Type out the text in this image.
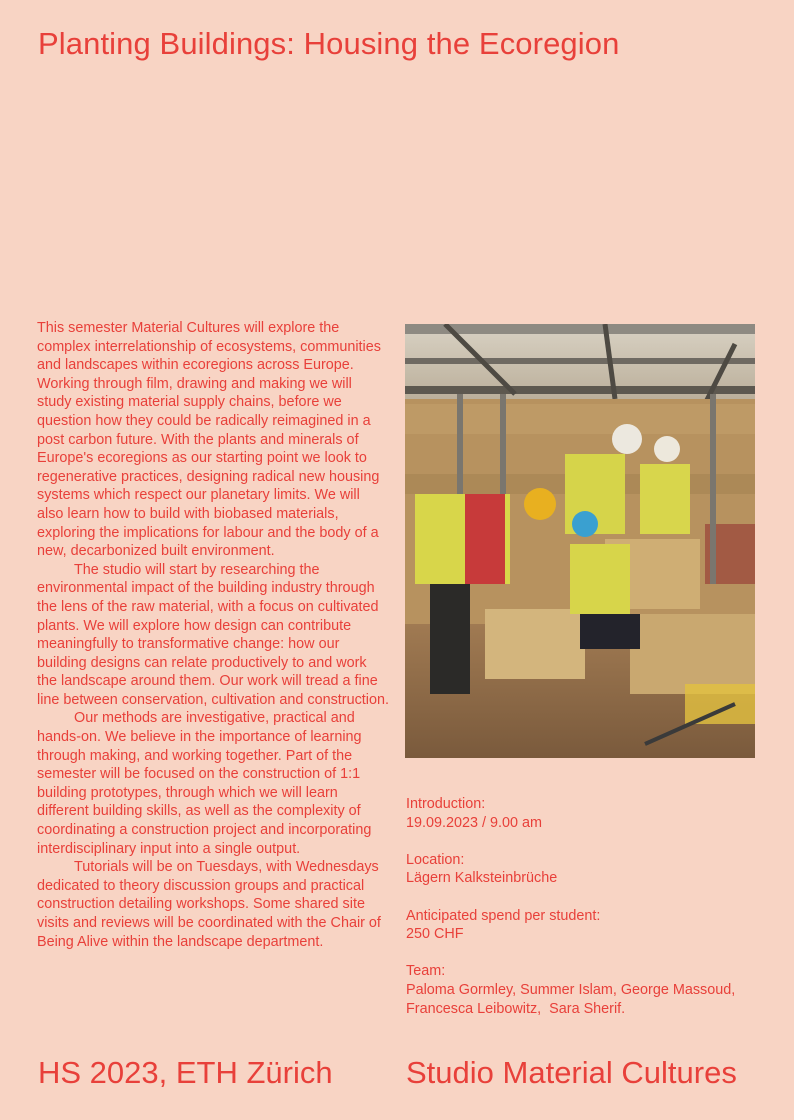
Planting Buildings: Housing the Ecoregion

This semester Material Cultures will explore the complex interrelationship of ecosystems, communities and landscapes within ecoregions across Europe. Working through film, drawing and making we will study existing material supply chains, before we question how they could be radically reimagined in a post carbon future. With the plants and minerals of Europe's ecoregions as our starting point we look to regenerative practices, designing radical new housing systems which respect our planetary limits. We will also learn how to build with biobased materials, exploring the implications for labour and the body of a new, decarbonized built environment.

The studio will start by researching the environmental impact of the building industry through the lens of the raw material, with a focus on cultivated plants. We will explore how design can contribute meaningfully to transformative change: how our building designs can relate productively to and work the landscape around them. Our work will tread a fine line between conservation, cultivation and construction.

Our methods are investigative, practical and hands-on. We believe in the importance of learning through making, and working together. Part of the semester will be focused on the construction of 1:1 building prototypes, through which we will learn different building skills, as well as the complexity of coordinating a construction project and incorporating interdisciplinary input into a single output.

Tutorials will be on Tuesdays, with Wednesdays dedicated to theory discussion groups and practical construction detailing workshops. Some shared site visits and reviews will be coordinated with the Chair of Being Alive within the landscape department.

Introduction:
19.09.2023 / 9.00 am
Location:
Lägern Kalksteinbrüche
Anticipated spend per student:
250 CHF
Team:
Paloma Gormley, Summer Islam, George Massoud, Francesca Leibowitz,  Sara Sherif.
HS 2023, ETH Zürich Studio Material Cultures
